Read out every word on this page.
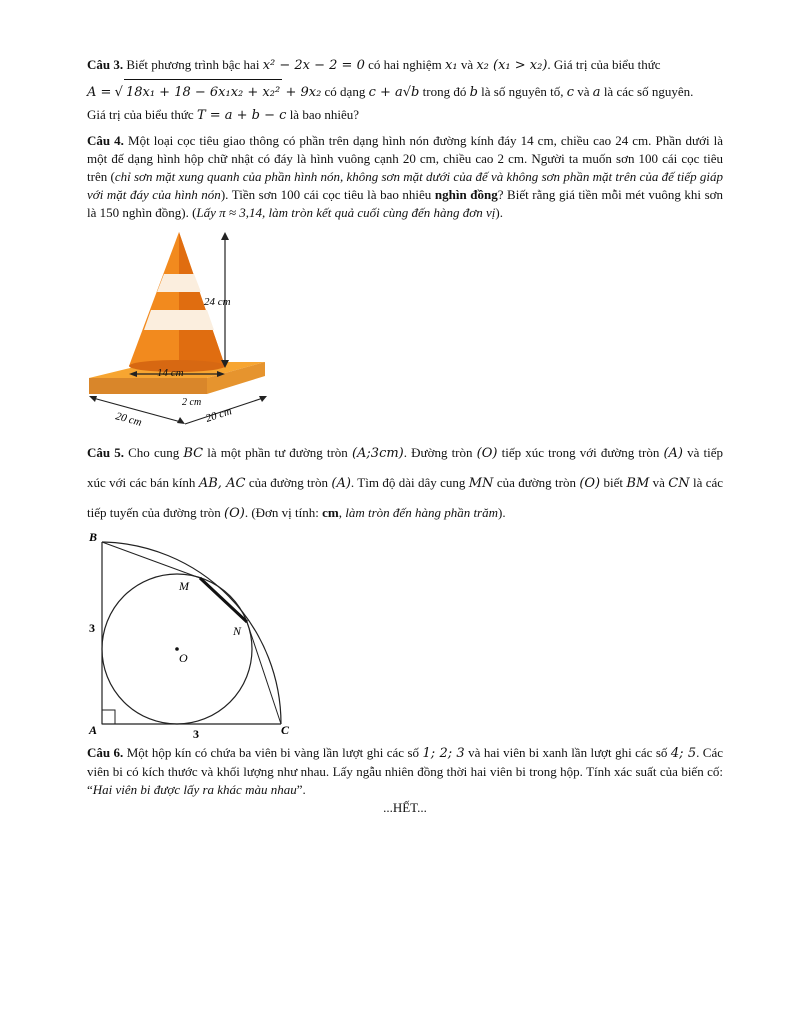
Câu 3. Biết phương trình bậc hai x² − 2x − 2 = 0 có hai nghiệm x₁ và x₂ (x₁ > x₂). Giá trị của biểu thức
A = √ 18x₁ + 18 − 6x₁x₂ + x₂² + 9x₂ có dạng c + a√b trong đó b là số nguyên tố, c và a là các số nguyên.

Giá trị của biểu thức T = a + b − c là bao nhiêu?

Câu 4. Một loại cọc tiêu giao thông có phần trên dạng hình nón đường kính đáy 14 cm, chiều cao 24 cm. Phần dưới là một đế dạng hình hộp chữ nhật có đáy là hình vuông cạnh 20 cm, chiều cao 2 cm. Người ta muốn sơn 100 cái cọc tiêu trên (chỉ sơn mặt xung quanh của phần hình nón, không sơn mặt dưới của đế và không sơn phần mặt trên của đế tiếp giáp với mặt đáy của hình nón). Tiền sơn 100 cái cọc tiêu là bao nhiêu nghìn đồng? Biết rằng giá tiền mỗi mét vuông khi sơn là 150 nghìn đồng). (Lấy π ≈ 3,14, làm tròn kết quả cuối cùng đến hàng đơn vị).

24 cm
14 cm
2 cm
20 cm	20 cm

Câu 5. Cho cung BC là một phần tư đường tròn (A;3cm). Đường tròn (O) tiếp xúc trong với đường tròn (A) và tiếp xúc với các bán kính AB, AC của đường tròn (A). Tìm độ dài dây cung MN của đường tròn (O) biết BM và CN là các tiếp tuyến của đường tròn (O). (Đơn vị tính: cm, làm tròn đến hàng phần trăm).

B
M
N
O
A	C
3
3

Câu 6. Một hộp kín có chứa ba viên bi vàng lần lượt ghi các số 1; 2; 3 và hai viên bi xanh lần lượt ghi các số 4; 5. Các viên bi có kích thước và khối lượng như nhau. Lấy ngẫu nhiên đồng thời hai viên bi trong hộp. Tính xác suất của biến cố: “Hai viên bi được lấy ra khác màu nhau”.

...HẾT...
